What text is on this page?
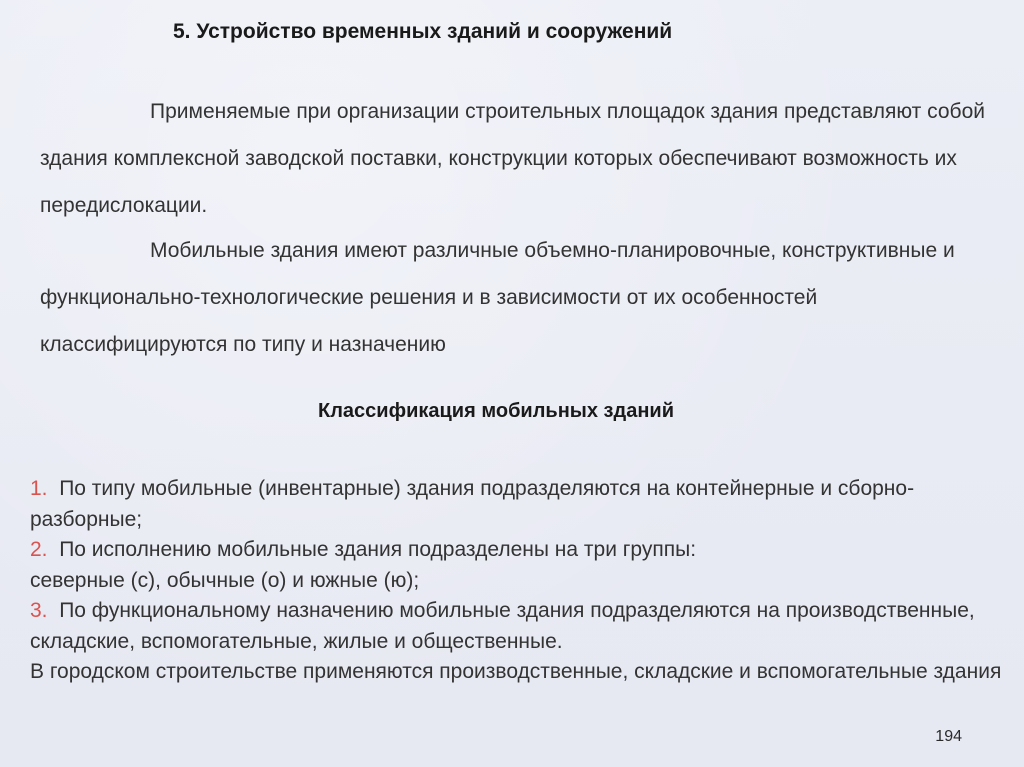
5. Устройство временных зданий и сооружений
Применяемые при организации строительных площадок здания представляют собой здания комплексной заводской поставки, конструкции которых обеспечивают возможность их передислокации.
Мобильные здания имеют различные объемно-планировочные, конструктивные и функционально-технологические решения и в зависимости от их особенностей классифицируются по типу и назначению
Классификация мобильных зданий
1. По типу мобильные (инвентарные) здания подразделяются на контейнерные и сборно-разборные;
2. По исполнению мобильные здания подразделены на три группы:
северные (с), обычные (о) и южные (ю);
3. По функциональному назначению мобильные здания подразделяются на производственные, складские, вспомогательные, жилые и общественные.
В городском строительстве применяются производственные, складские и вспомогательные здания
194
